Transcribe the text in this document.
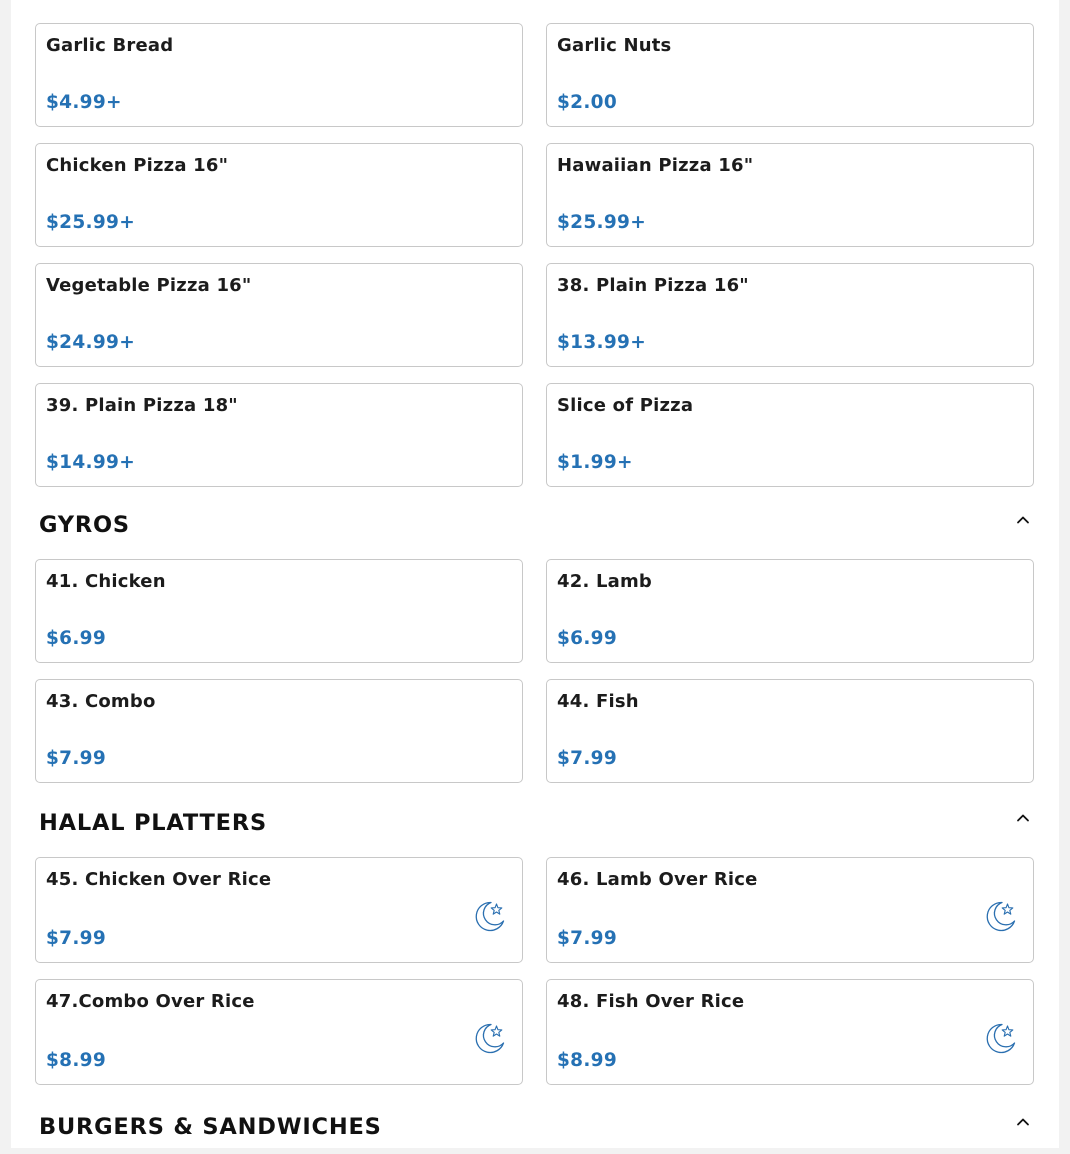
Garlic Bread
$4.99+
Garlic Nuts
$2.00
Chicken Pizza 16"
$25.99+
Hawaiian Pizza 16"
$25.99+
Vegetable Pizza 16"
$24.99+
38. Plain Pizza 16"
$13.99+
39. Plain Pizza 18"
$14.99+
Slice of Pizza
$1.99+
GYROS
41. Chicken
$6.99
42. Lamb
$6.99
43. Combo
$7.99
44. Fish
$7.99
HALAL PLATTERS
45. Chicken Over Rice
$7.99
46. Lamb Over Rice
$7.99
47.Combo Over Rice
$8.99
48. Fish Over Rice
$8.99
BURGERS & SANDWICHES
